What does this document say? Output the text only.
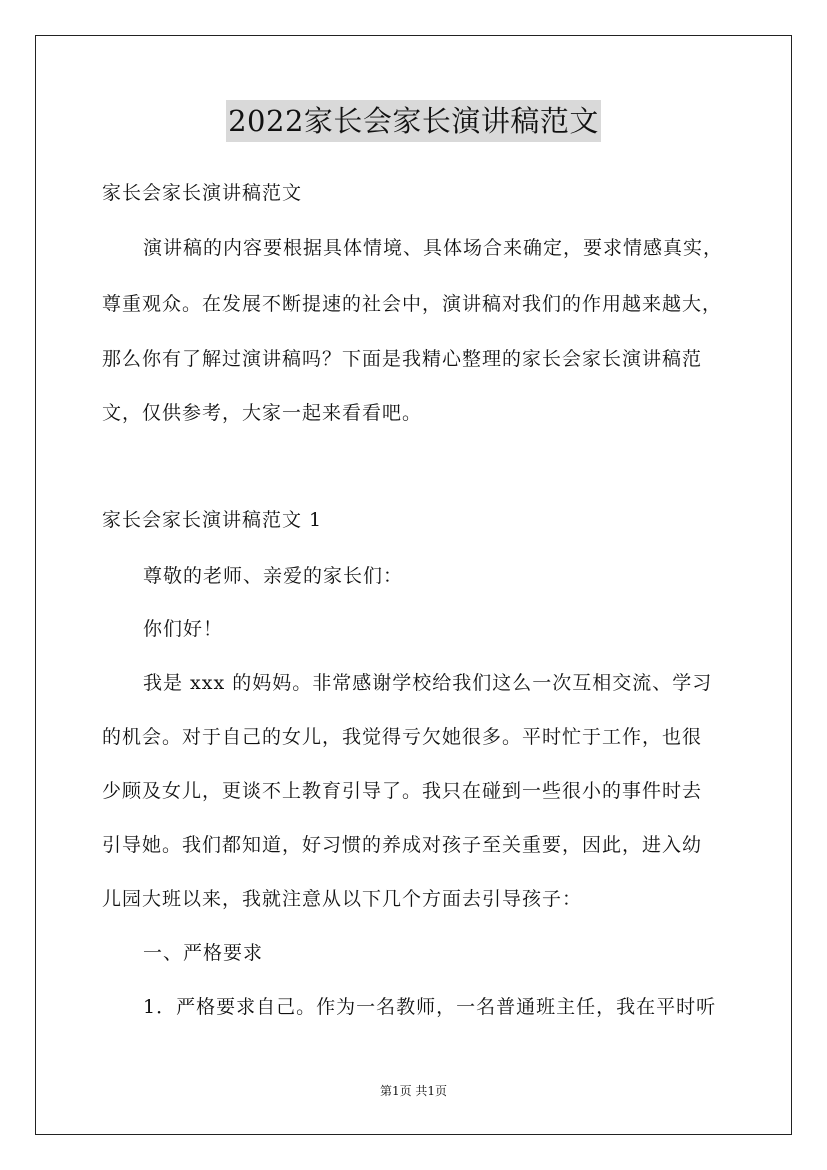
2022家长会家长演讲稿范文
家长会家长演讲稿范文
演讲稿的内容要根据具体情境、具体场合来确定，要求情感真实，
尊重观众。在发展不断提速的社会中，演讲稿对我们的作用越来越大，
那么你有了解过演讲稿吗？下面是我精心整理的家长会家长演讲稿范
文，仅供参考，大家一起来看看吧。
家长会家长演讲稿范文 1
尊敬的老师、亲爱的家长们：
你们好！
我是 xxx 的妈妈。非常感谢学校给我们这么一次互相交流、学习
的机会。对于自己的女儿，我觉得亏欠她很多。平时忙于工作，也很
少顾及女儿，更谈不上教育引导了。我只在碰到一些很小的事件时去
引导她。我们都知道，好习惯的养成对孩子至关重要，因此，进入幼
儿园大班以来，我就注意从以下几个方面去引导孩子：
一、严格要求
1．严格要求自己。作为一名教师，一名普通班主任，我在平时听
第1页 共1页
